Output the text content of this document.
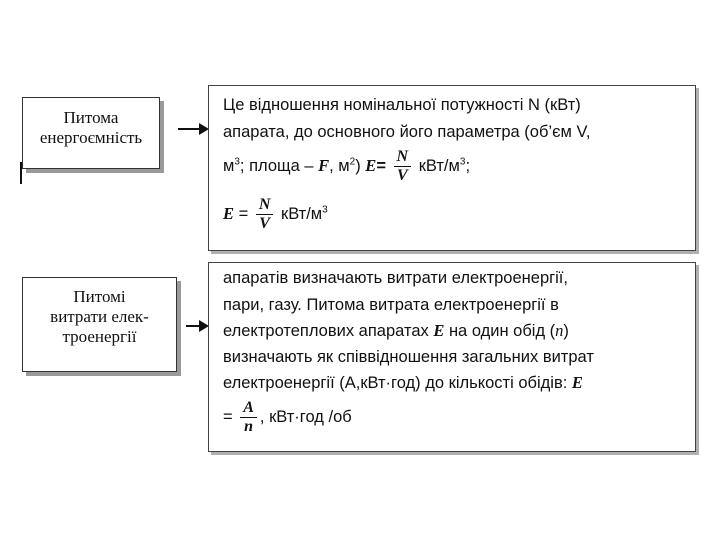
Питома
енергоємність
Це відношення номінальної потужності N (кВт)
апарата, до основного його параметра (об’єм V,
$м^3$; площа – F, $м^2$) $E= \frac{N}{V} кВт/м^3$;
$E = \frac{N}{V} кВт/м^3$
Питомі
витрати елек-
троенергії
апаратів визначають витрати електроенергії,
пари, газу. Питома витрата електроенергії в
електротеплових апаратах E на один обід (n)
визначають як співвідношення загальних витрат
електроенергії (А,кВт·год) до кількості обідів: E
= $\frac{A}{n}$ , кВт·год /об
